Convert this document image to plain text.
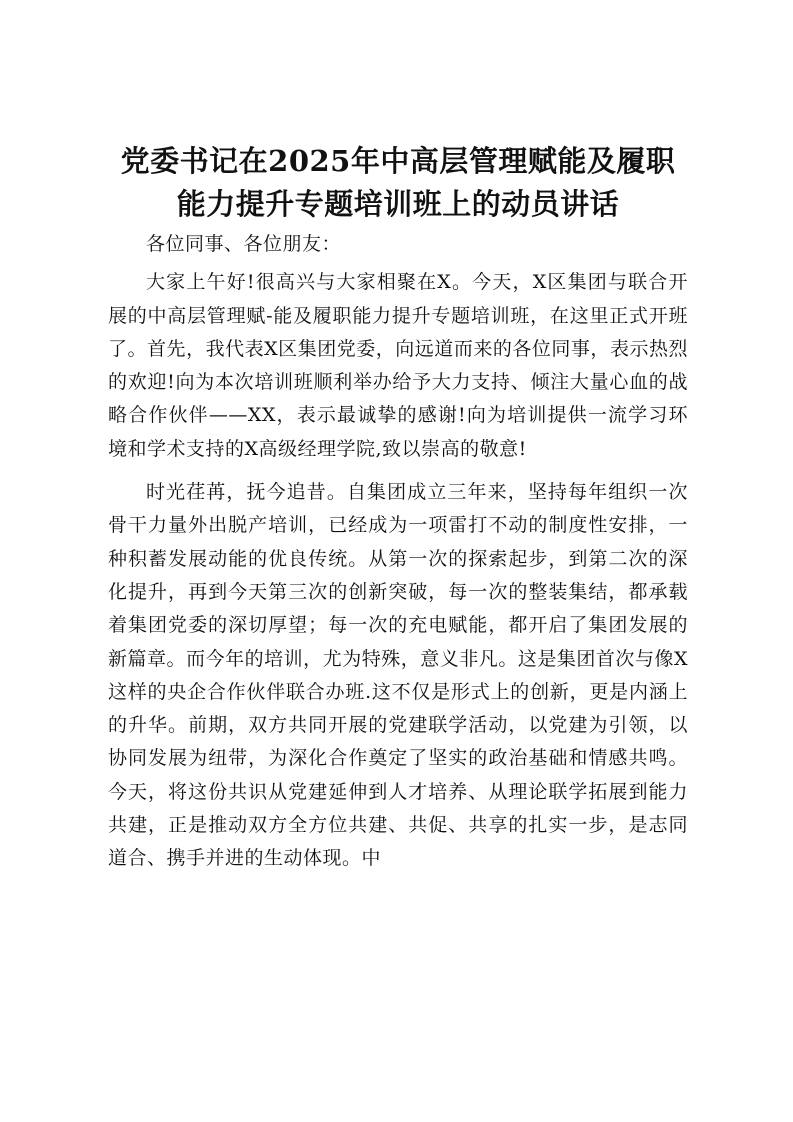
党委书记在2025年中高层管理赋能及履职能力提升专题培训班上的动员讲话

各位同事、各位朋友：

大家上午好!很高兴与大家相聚在X。今天，X区集团与联合开展的中高层管理赋-能及履职能力提升专题培训班，在这里正式开班了。首先，我代表X区集团党委，向远道而来的各位同事，表示热烈的欢迎!向为本次培训班顺利举办给予大力支持、倾注大量心血的战略合作伙伴——XX，表示最诚挚的感谢!向为培训提供一流学习环境和学术支持的X高级经理学院,致以崇高的敬意!

时光荏苒，抚今追昔。自集团成立三年来，坚持每年组织一次骨干力量外出脱产培训，已经成为一项雷打不动的制度性安排，一种积蓄发展动能的优良传统。从第一次的探索起步，到第二次的深化提升，再到今天第三次的创新突破，每一次的整装集结，都承载着集团党委的深切厚望；每一次的充电赋能，都开启了集团发展的新篇章。而今年的培训，尤为特殊，意义非凡。这是集团首次与像X这样的央企合作伙伴联合办班.这不仅是形式上的创新，更是内涵上的升华。前期，双方共同开展的党建联学活动，以党建为引领，以协同发展为纽带，为深化合作奠定了坚实的政治基础和情感共鸣。今天，将这份共识从党建延伸到人才培养、从理论联学拓展到能力共建，正是推动双方全方位共建、共促、共享的扎实一步，是志同道合、携手并进的生动体现。中
